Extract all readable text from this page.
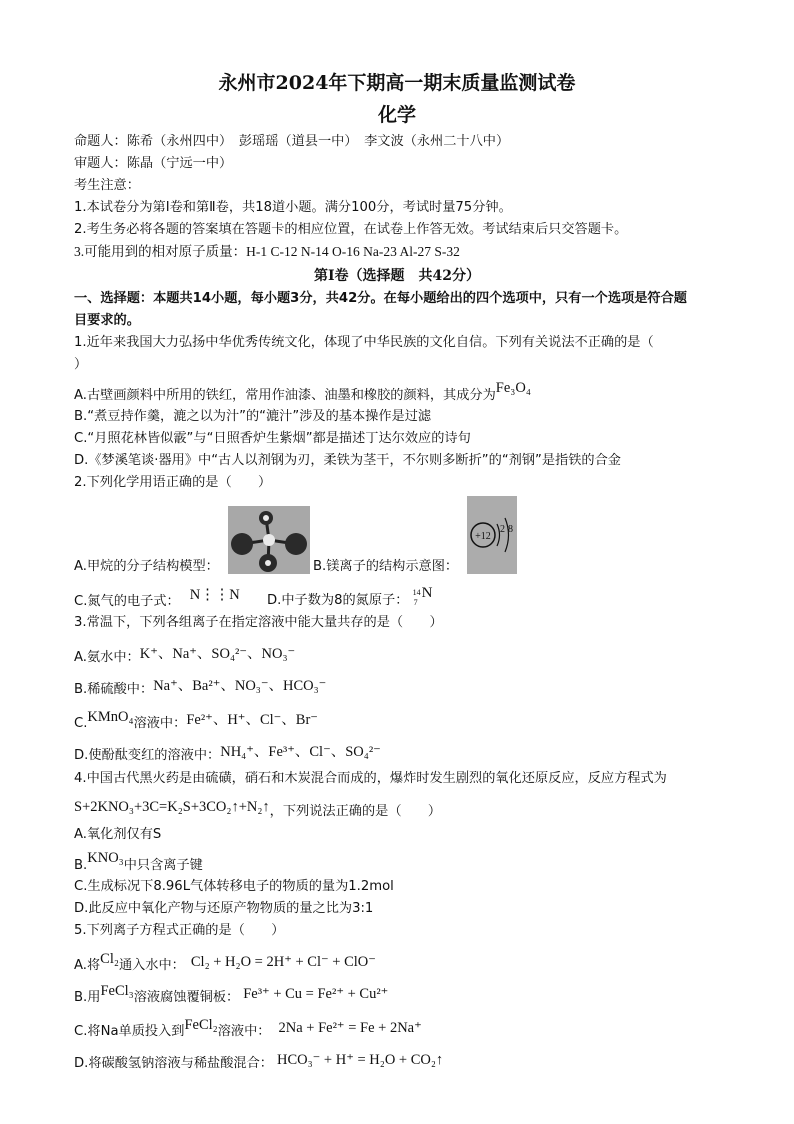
永州市2024年下期高一期末质量监测试卷
化学
命题人：陈希（永州四中）　彭瑶瑶（道县一中）　李文波（永州二十八中）
审题人：陈晶（宁远一中）
考生注意：
1.本试卷分为第Ⅰ卷和第Ⅱ卷，共18道小题。满分100分，考试时量75分钟。
2.考生务必将各题的答案填在答题卡的相应位置，在试卷上作答无效。考试结束后只交答题卡。
3.可能用到的相对原子质量：H-1 C-12 N-14 O-16 Na-23 Al-27 S-32
第Ⅰ卷（选择题　共42分）
一、选择题：本题共14小题，每小题3分，共42分。在每小题给出的四个选项中，只有一个选项是符合题
目要求的。
1.近年来我国大力弘扬中华优秀传统文化，体现了中华民族的文化自信。下列有关说法不正确的是（
）
A.古壁画颜料中所用的铁红，常用作油漆、油墨和橡胶的颜料，其成分为Fe₃O₄
B.“煮豆持作羹，漉之以为汁”的“漉汁”涉及的基本操作是过滤
C.“月照花林皆似霰”与“日照香炉生紫烟”都是描述丁达尔效应的诗句
D.《梦溪笔谈·器用》中“古人以剂钢为刃，柔铁为茎干，不尔则多断折”的“剂钢”是指铁的合金
2.下列化学用语正确的是（　　）
+12
2 8
A.甲烷的分子结构模型：	B.镁离子的结构示意图：
C.氮气的电子式： N⋮⋮N D.中子数为8的氮原子：
14
7
N
3.常温下，下列各组离子在指定溶液中能大量共存的是（　　）
A.氨水中：K⁺、Na⁺、SO₄²⁻、NO₃⁻
B.稀硫酸中：Na⁺、Ba²⁺、NO₃⁻、HCO₃⁻
C.KMnO₄溶液中：Fe²⁺、H⁺、Cl⁻、Br⁻
D.使酚酞变红的溶液中：NH₄⁺、Fe³⁺、Cl⁻、SO₄²⁻
4.中国古代黑火药是由硫磺，硝石和木炭混合而成的，爆炸时发生剧烈的氧化还原反应，反应方程式为
S+2KNO₃+3C=K₂S+3CO₂↑+N₂↑，下列说法正确的是（　　）
A.氧化剂仅有S
B.KNO₃中只含离子键
C.生成标况下8.96L气体转移电子的物质的量为1.2mol
D.此反应中氧化产物与还原产物物质的量之比为3:1
5.下列离子方程式正确的是（　　）
A.将Cl₂通入水中： Cl₂ + H₂O = 2H⁺ + Cl⁻ + ClO⁻
B.用FeCl₃溶液腐蚀覆铜板： Fe³⁺ + Cu = Fe²⁺ + Cu²⁺
C.将Na单质投入到FeCl₂溶液中： 2Na + Fe²⁺ = Fe + 2Na⁺
D.将碳酸氢钠溶液与稀盐酸混合： HCO₃⁻ + H⁺ = H₂O + CO₂↑
